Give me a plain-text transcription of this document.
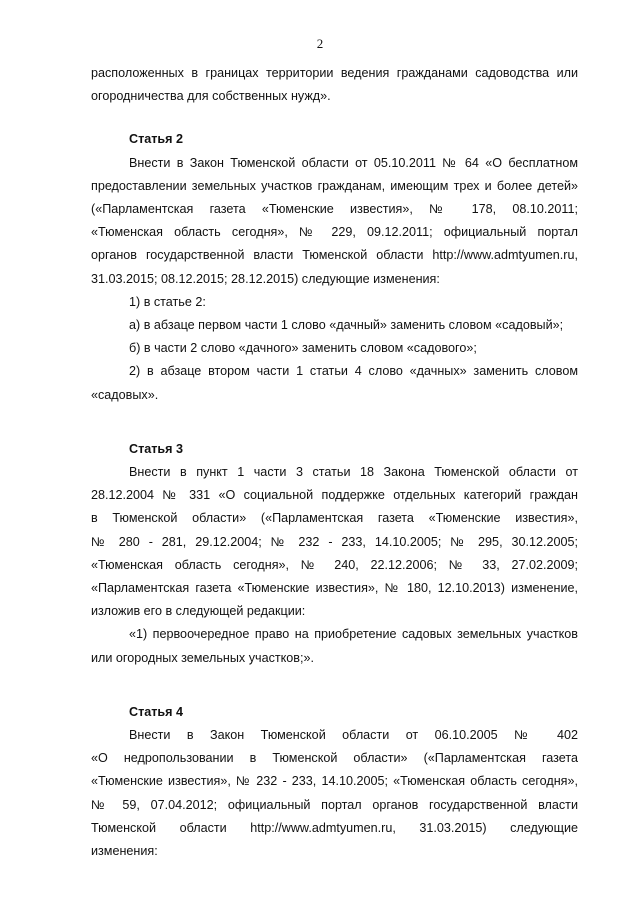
2

расположенных в границах территории ведения гражданами садоводства или

огородничества для собственных нужд».

Статья 2

Внести в Закон Тюменской области от 05.10.2011 № 64 «О бесплатном

предоставлении земельных участков гражданам, имеющим трех и более детей»

(«Парламентская газета «Тюменские известия», № 178, 08.10.2011;

«Тюменская область сегодня», № 229, 09.12.2011; официальный портал

органов государственной власти Тюменской области http://www.admtyumen.ru,

31.03.2015; 08.12.2015; 28.12.2015) следующие изменения:

1) в статье 2:

а) в абзаце первом части 1 слово «дачный» заменить словом «садовый»;

б) в части 2 слово «дачного» заменить словом «садового»;

2) в абзаце втором части 1 статьи 4 слово «дачных» заменить словом

«садовых».

Статья 3

Внести в пункт 1 части 3 статьи 18 Закона Тюменской области от

28.12.2004 № 331 «О социальной поддержке отдельных категорий граждан

в Тюменской области» («Парламентская газета «Тюменские известия»,

№ 280 - 281, 29.12.2004; № 232 - 233, 14.10.2005; № 295, 30.12.2005;

«Тюменская область сегодня», № 240, 22.12.2006; № 33, 27.02.2009;

«Парламентская газета «Тюменские известия», № 180, 12.10.2013) изменение,

изложив его в следующей редакции:

«1) первоочередное право на приобретение садовых земельных участков

или огородных земельных участков;».

Статья 4

Внести в Закон Тюменской области от 06.10.2005 № 402

«О недропользовании в Тюменской области» («Парламентская газета

«Тюменские известия», № 232 - 233, 14.10.2005; «Тюменская область сегодня»,

№ 59, 07.04.2012; официальный портал органов государственной власти

Тюменской области http://www.admtyumen.ru, 31.03.2015) следующие

изменения:
